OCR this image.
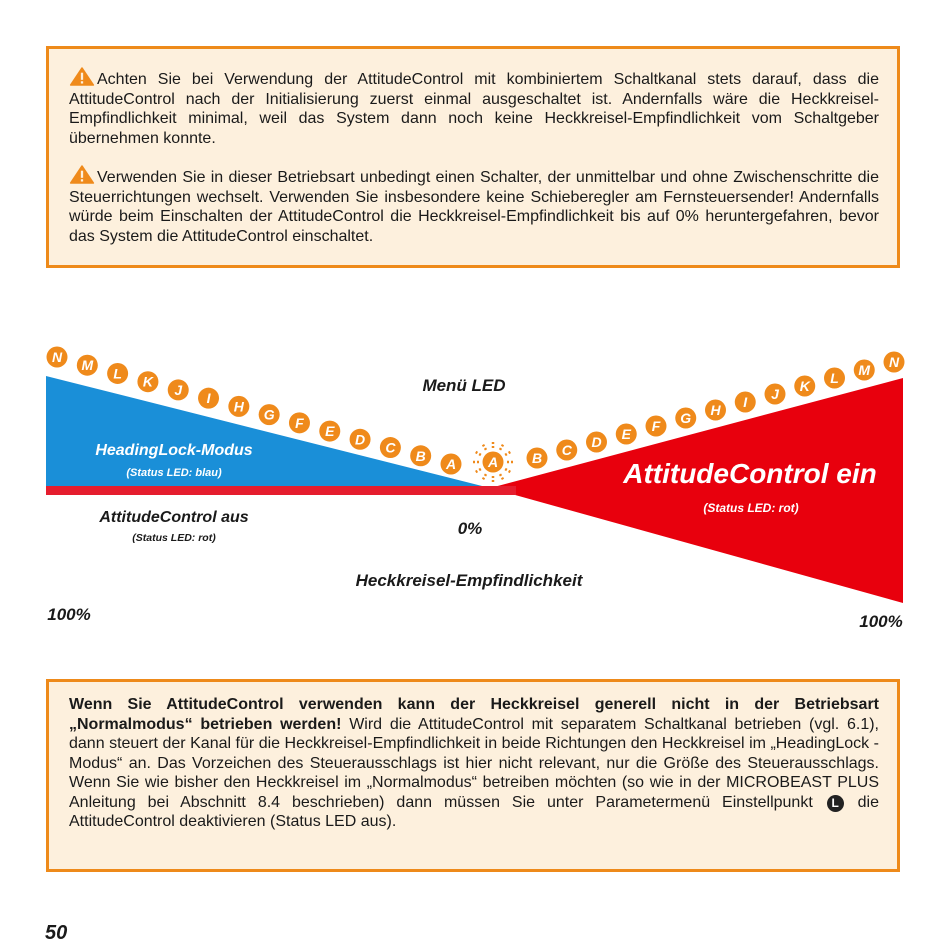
Achten Sie bei Verwendung der AttitudeControl mit kombiniertem Schaltkanal stets darauf, dass die AttitudeControl nach der Initialisierung zuerst einmal ausgeschaltet ist. Andernfalls wäre die Heckkreisel-Empfindlichkeit minimal, weil das System dann noch keine Heckkreisel-Empfindlichkeit vom Schaltgeber übernehmen konnte.

Verwenden Sie in dieser Betriebsart unbedingt einen Schalter, der unmittelbar und ohne Zwischenschritte die Steuerrichtungen wechselt. Verwenden Sie insbesondere keine Schieberegler am Fernsteuersender! Andernfalls würde beim Einschalten der AttitudeControl die Heckkreisel-Empfindlichkeit bis auf 0% heruntergefahren, bevor das System die AttitudeControl einschaltet.

N
M
L
K
J
I
H
G
F
E
D
C
B
A	B C D E F G H I J K L M N
A
Menü LED
HeadingLock-Modus
(Status LED: blau)	AttitudeControl ein
(Status LED: rot)
AttitudeControl aus
(Status LED: rot)	0%
Heckkreisel-Empfindlichkeit
100%	100%

Wenn Sie AttitudeControl verwenden kann der Heckkreisel generell nicht in der Betriebsart „Normalmodus“ betrieben werden! Wird die AttitudeControl mit separatem Schaltkanal betrieben (vgl. 6.1), dann steuert der Kanal für die Heckkreisel-Empfindlichkeit in beide Richtungen den Heckkreisel im „HeadingLock - Modus“ an. Das Vorzeichen des Steuerausschlags ist hier nicht relevant, nur die Größe des Steuerausschlags. Wenn Sie wie bisher den Heckkreisel im „Normalmodus“ betreiben möchten (so wie in der MICROBEAST PLUS Anleitung bei Abschnitt 8.4 beschrieben) dann müssen Sie unter Parametermenü Einstellpunkt L die AttitudeControl deaktivieren (Status LED aus).

50
